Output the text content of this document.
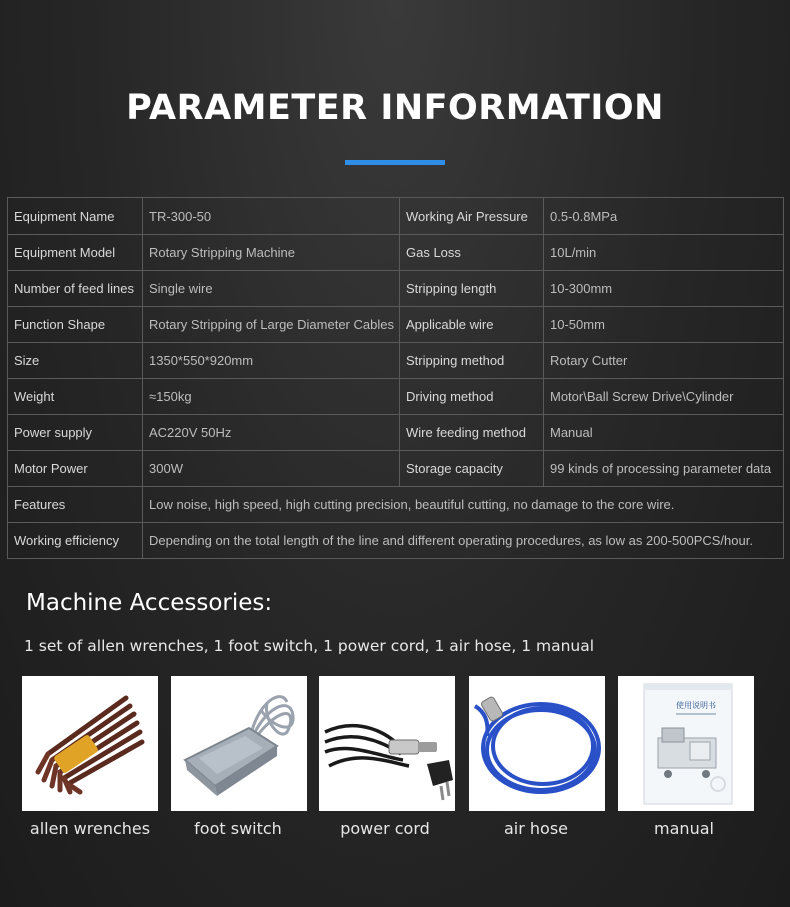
PARAMETER INFORMATION
Equipment Name	TR-300-50	Working Air Pressure	0.5-0.8MPa
Equipment Model	Rotary Stripping Machine	Gas Loss	10L/min
Number of feed lines	Single wire	Stripping length	10-300mm
Function Shape	Rotary Stripping of Large Diameter Cables	Applicable wire	10-50mm
Size	1350*550*920mm	Stripping method	Rotary Cutter
Weight	≈150kg	Driving method	Motor\Ball Screw Drive\Cylinder
Power supply	AC220V 50Hz	Wire feeding method	Manual
Motor Power	300W	Storage capacity	99 kinds of processing parameter data
Features	Low noise, high speed, high cutting precision, beautiful cutting, no damage to the core wire.		
Working efficiency	Depending on the total length of the line and different operating procedures, as low as 200-500PCS/hour.		
Machine Accessories:
1 set of allen wrenches, 1 foot switch, 1 power cord, 1 air hose, 1 manual
allen wrenches	foot switch	power cord	air hose
使用说明书
manual
